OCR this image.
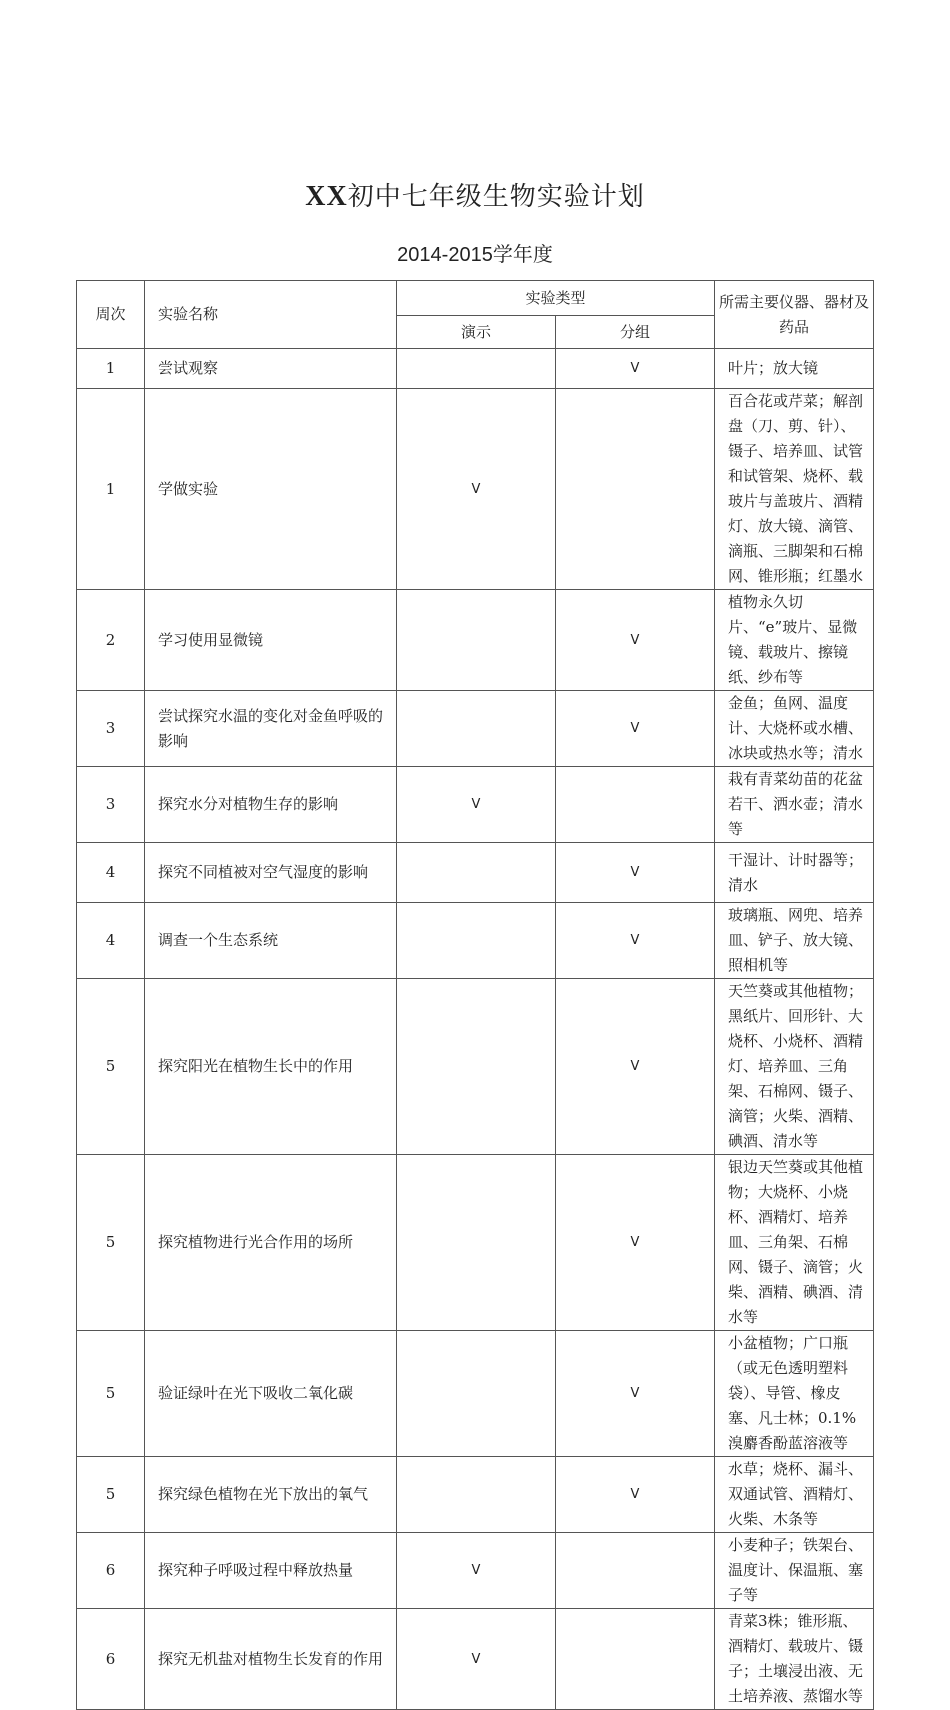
XX初中七年级生物实验计划
2014-2015学年度
周次	实验名称	实验类型		所需主要仪器、器材及药品
		演示	分组	
1	尝试观察		V	叶片；放大镜
1	学做实验	V		百合花或芹菜；解剖盘（刀、剪、针）、镊子、培养皿、试管和试管架、烧杯、载玻片与盖玻片、酒精灯、放大镜、滴管、滴瓶、三脚架和石棉网、锥形瓶；红墨水
2	学习使用显微镜		V	植物永久切片、“e”玻片、显微镜、载玻片、擦镜纸、纱布等
3	尝试探究水温的变化对金鱼呼吸的影响		V	金鱼；鱼网、温度计、大烧杯或水槽、冰块或热水等；清水
3	探究水分对植物生存的影响	V		栽有青菜幼苗的花盆若干、洒水壶；清水等
4	探究不同植被对空气湿度的影响		V	干湿计、计时器等；清水
4	调查一个生态系统		V	玻璃瓶、网兜、培养皿、铲子、放大镜、照相机等
5	探究阳光在植物生长中的作用		V	天竺葵或其他植物；黑纸片、回形针、大烧杯、小烧杯、酒精灯、培养皿、三角架、石棉网、镊子、滴管；火柴、酒精、碘酒、清水等
5	探究植物进行光合作用的场所		V	银边天竺葵或其他植物；大烧杯、小烧杯、酒精灯、培养皿、三角架、石棉网、镊子、滴管；火柴、酒精、碘酒、清水等
5	验证绿叶在光下吸收二氧化碳		V	小盆植物；广口瓶（或无色透明塑料袋）、导管、橡皮塞、凡士林；0.1%溴麝香酚蓝溶液等
5	探究绿色植物在光下放出的氧气		V	水草；烧杯、漏斗、双通试管、酒精灯、火柴、木条等
6	探究种子呼吸过程中释放热量	V		小麦种子；铁架台、温度计、保温瓶、塞子等
6	探究无机盐对植物生长发育的作用	V		青菜3株；锥形瓶、酒精灯、载玻片、镊子；土壤浸出液、无土培养液、蒸馏水等
